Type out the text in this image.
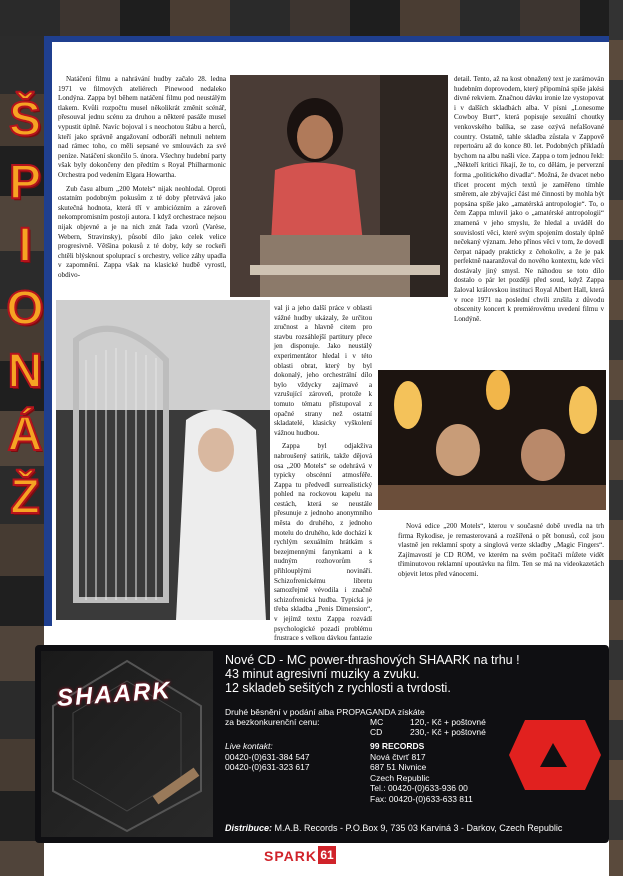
Š
P
I
O
N
Á
Ž

Natáčení filmu a nahrávání hudby začalo 28. ledna 1971 ve filmových ateliérech Pinewood nedaleko Londýna. Zappa byl během natáčení filmu pod neustálým tlakem. Kvůli rozpočtu musel několikrát změnit scénář, přesouval jednu scénu za druhou a některé pasáže musel vypustit úplně. Navíc bojoval i s neochotou štábu a herců, kteří jako správně angažovaní odboráři nehnuli nehtem nad rámec toho, co měli sepsané ve smlouvách za své peníze. Natáčení skončilo 5. února. Všechny hudební party však byly dokončeny den předtím s Royal Philharmonic Orchestra pod vedením Elgara Howartha.

Zub času album „200 Motels“ nijak neohlodal. Oproti ostatním podobným pokusům z té doby přetrvává jako skutečná hodnota, která tří v ambiciózním a zároveň nekompromisním postoji autora. I když orchestrace nejsou nijak objevné a je na nich znát řada vzorů (Varèse, Webern, Stravinsky), působí dílo jako celek velice progresivně. Většina pokusů z té doby, kdy se rockeři chtěli blýsknout spoluprací s orchestry, velice záhy upadla v zapomnění. Zappa však na klasické hudbě vyrostl, obdivo-

detail. Tento, až na kost obnažený text je zarámován hudebním doprovodem, který připomíná spíše jakési divné rekviem. Značnou dávku ironie lze vystopovat i v dalších skladbách alba. V písni „Lonesome Cowboy Burt“, která popisuje sexuální choutky venkovského balíka, se zase ozývá nefalšované country. Ostatně, tahle skladba zůstala v Zappově repertoáru až do konce 80. let. Podobných příkladů bychom na albu našli více. Zappa o tom jednou řekl: „Někteří kritici říkají, že to, co dělám, je perverzní forma „politického divadla“. Možná, že dvacet nebo třicet procent mých textů je zaměřeno tímhle směrem, ale zbývající část mé činnosti by mohla být popsána spíše jako „amatérská antropologie“. To, o čem Zappa mluvil jako o „amatérské antropologii“ znamená v jeho smyslu, že hledal a uváděl do souvislostí věci, které svým spojením dostaly úplně nečekaný význam. Jeho přínos věci v tom, že dovedl čerpat nápady prakticky z čehokoliv, a že je pak perfektně naaranžoval do nového kontextu, kde věci dostávaly jiný smysl. Ne náhodou se toto dílo dostalo o pár let později před soud, když Zappa žaloval královskou instituci Royal Albert Hall, která v roce 1971 na poslední chvíli zrušila z důvodu obscenity koncert k premiérovému uvedení filmu v Londýně.

val ji a jeho další práce v oblasti vážné hudby ukázaly, že určitou zručnost a hlavně citem pro stavbu rozsáhlejší partitury přece jen disponuje. Jako neustálý experimentátor hledal i v této oblasti obrat, který by byl dokonalý, jeho orchestrální dílo bylo vždycky zajímavé a vzrušující zároveň, protože k tomuto tématu přistupoval z opačné strany než ostatní skladatelé, klasicky vyškolení vážnou hudbou.

Zappa byl odjakživa nabroušený satirik, takže dějová osa „200 Motels“ se odehrává v typicky obscénní atmosféře. Zappa tu předvedl surrealistický pohled na rockovou kapelu na cestách, která se neustále přesunuje z jednoho anonymního města do druhého, z jednoho motelu do druhého, kde dochází k rychlým sexuálním hrátkám s bezejmennými fanynkami a k nudným rozhovorům s přihlouplými novináři. Schizofrenickému libretu samozřejmě vévodila i značně schizofrenická hudba. Typická je třeba skladba „Penis Dimension“, v jejímž textu Zappa rozvádí psychologické pozadí problému frustrace s velkou dávkou fantazie

Nová edice „200 Motels“, kterou v současné době uvedla na trh firma Rykodise, je remasterovaná a rozšířená o pět bonusů, což jsou vlastně jen reklamní spoty a singlová verze skladby „Magic Fingers“. Zajímavostí je CD ROM, ve kterém na svém počítači můžete vidět třiminutovou reklamní upoutávku na film. Ten se má na videokazetách objevit letos před vánocemi.

SHAARK
Nové CD - MC power-thrashových SHAARK na trhu !
43 minut agresivní muziky a zvuku.
12 skladeb sešitých z rychlosti a tvrdosti.
Druhé běsnění v podání alba PROPAGANDA získáte
za bezkonkurenční cenu:	MC	120,- Kč + poštovné
CD	230,- Kč + poštovné
Live kontakt:
00420-(0)631-384 547
00420-(0)631-323 617
99 RECORDS
Nová čtvrť 817
687 51 Nivnice
Czech Republic
Tel.: 00420-(0)633-936 00
Fax: 00420-(0)633-633 811
Distribuce: M.A.B. Records - P.O.Box 9, 735 03 Karviná 3 - Darkov, Czech Republic
SPARK 61
